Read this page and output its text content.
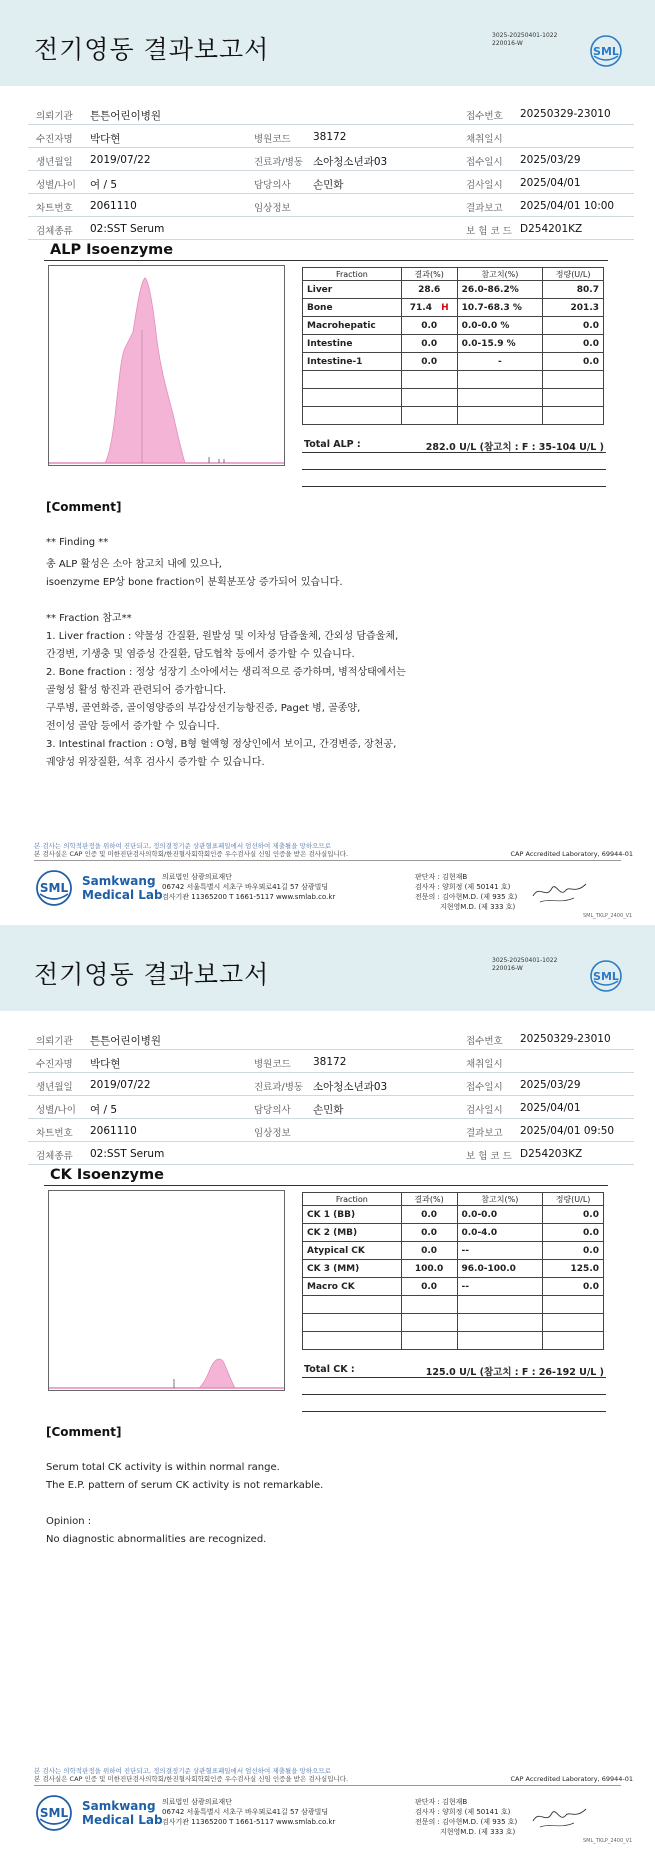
전기영동 결과보고서	3025-20250401-1022
220016-W
SML
의뢰기관 튼튼어린이병원	접수번호 20250329-23010
수진자명 박다현	병원코드 38172	채취일시
생년월일 2019/07/22	진료과/병동 소아청소년과03	접수일시 2025/03/29
성별/나이 여 / 5	담당의사 손민화	검사일시 2025/04/01
차트번호 2061110	임상정보	결과보고 2025/04/01 10:00
검체종류 02:SST Serum	보 험 코 드 D254201KZ
ALP Isoenzyme
Fraction	결과(%)	참고치(%)	정량(U/L)
Liver	28.6	26.0-86.2%	80.7
Bone	71.4 H	10.7-68.3 %	201.3
Macrohepatic	0.0	0.0-0.0 %	0.0
Intestine	0.0	0.0-15.9 %	0.0
Intestine-1	0.0	-	0.0

Total ALP :	282.0 U/L (참고치 : F : 35-104 U/L )
[Comment]
** Finding **
총 ALP 활성은 소아 참고치 내에 있으나,
isoenzyme EP상 bone fraction이 분획분포상 증가되어 있습니다.
** Fraction 참고**
1. Liver fraction : 약물성 간질환, 원발성 및 이차성 담즙울체, 간외성 담즙울체,
간경변, 기생충 및 염증성 간질환, 담도협착 등에서 증가할 수 있습니다.
2. Bone fraction : 정상 성장기 소아에서는 생리적으로 증가하며, 병적상태에서는
골형성 활성 항진과 관련되어 증가합니다.
구루병, 골연화증, 골이영양증의 부갑상선기능항진증, Paget 병, 골종양,
전이성 골암 등에서 증가할 수 있습니다.
3. Intestinal fraction : O형, B형 혈액형 정상인에서 보이고, 간경변증, 장천공,
궤양성 위장질환, 석후 검사시 증가할 수 있습니다.
본 검사는 의학적판정을 위하여 진단되고, 정의결정기준 상관혈표패일에서 엄선하여 제출될을 망하으므로
본 검사실은 CAP 인증 및 미한진단검사의학회/한진혈사회학회인증 우수검사실 신임 인증을 받은 검사실입니다.	CAP Accredited Laboratory, 69944-01
SML Samkwang
Medical Lab
의료법인 삼광의료재단
06742 서울특별시 서초구 바우뫼로41길 57 삼광빌딩
검사기관 11365200 T 1661-5117 www.smlab.co.kr
판단자 : 김현재B
검사자 : 양희정 (제 50141 호)
전문의 : 김아현M.D. (제 935 호)
지현영M.D. (제 333 호)
SML_TKLP_2400_V1
전기영동 결과보고서	3025-20250401-1022
220016-W
SML
의뢰기관 튼튼어린이병원	접수번호 20250329-23010
수진자명 박다현	병원코드 38172	채취일시
생년월일 2019/07/22	진료과/병동 소아청소년과03	접수일시 2025/03/29
성별/나이 여 / 5	담당의사 손민화	검사일시 2025/04/01
차트번호 2061110	임상정보	결과보고 2025/04/01 09:50
검체종류 02:SST Serum	보 험 코 드 D254203KZ
CK Isoenzyme
Fraction	결과(%)	참고치(%)	정량(U/L)
CK 1 (BB)	0.0	0.0-0.0	0.0
CK 2 (MB)	0.0	0.0-4.0	0.0
Atypical CK	0.0	--	0.0
CK 3 (MM)	100.0	96.0-100.0	125.0
Macro CK	0.0	--	0.0

Total CK :	125.0 U/L (참고치 : F : 26-192 U/L )
[Comment]
Serum total CK activity is within normal range.
The E.P. pattern of serum CK activity is not remarkable.
Opinion :
No diagnostic abnormalities are recognized.
본 검사는 의학적판정을 위하여 진단되고, 정의결정기준 상관혈표패일에서 엄선하여 제출될을 망하으므로
본 검사실은 CAP 인증 및 미한진단검사의학회/한진혈사회학회인증 우수검사실 신임 인증을 받은 검사실입니다.	CAP Accredited Laboratory, 69944-01
SML Samkwang
Medical Lab
의료법인 삼광의료재단
06742 서울특별시 서초구 바우뫼로41길 57 삼광빌딩
검사기관 11365200 T 1661-5117 www.smlab.co.kr
판단자 : 김현재B
검사자 : 양희정 (제 50141 호)
전문의 : 김아현M.D. (제 935 호)
지현영M.D. (제 333 호)
SML_TKLP_2400_V1
